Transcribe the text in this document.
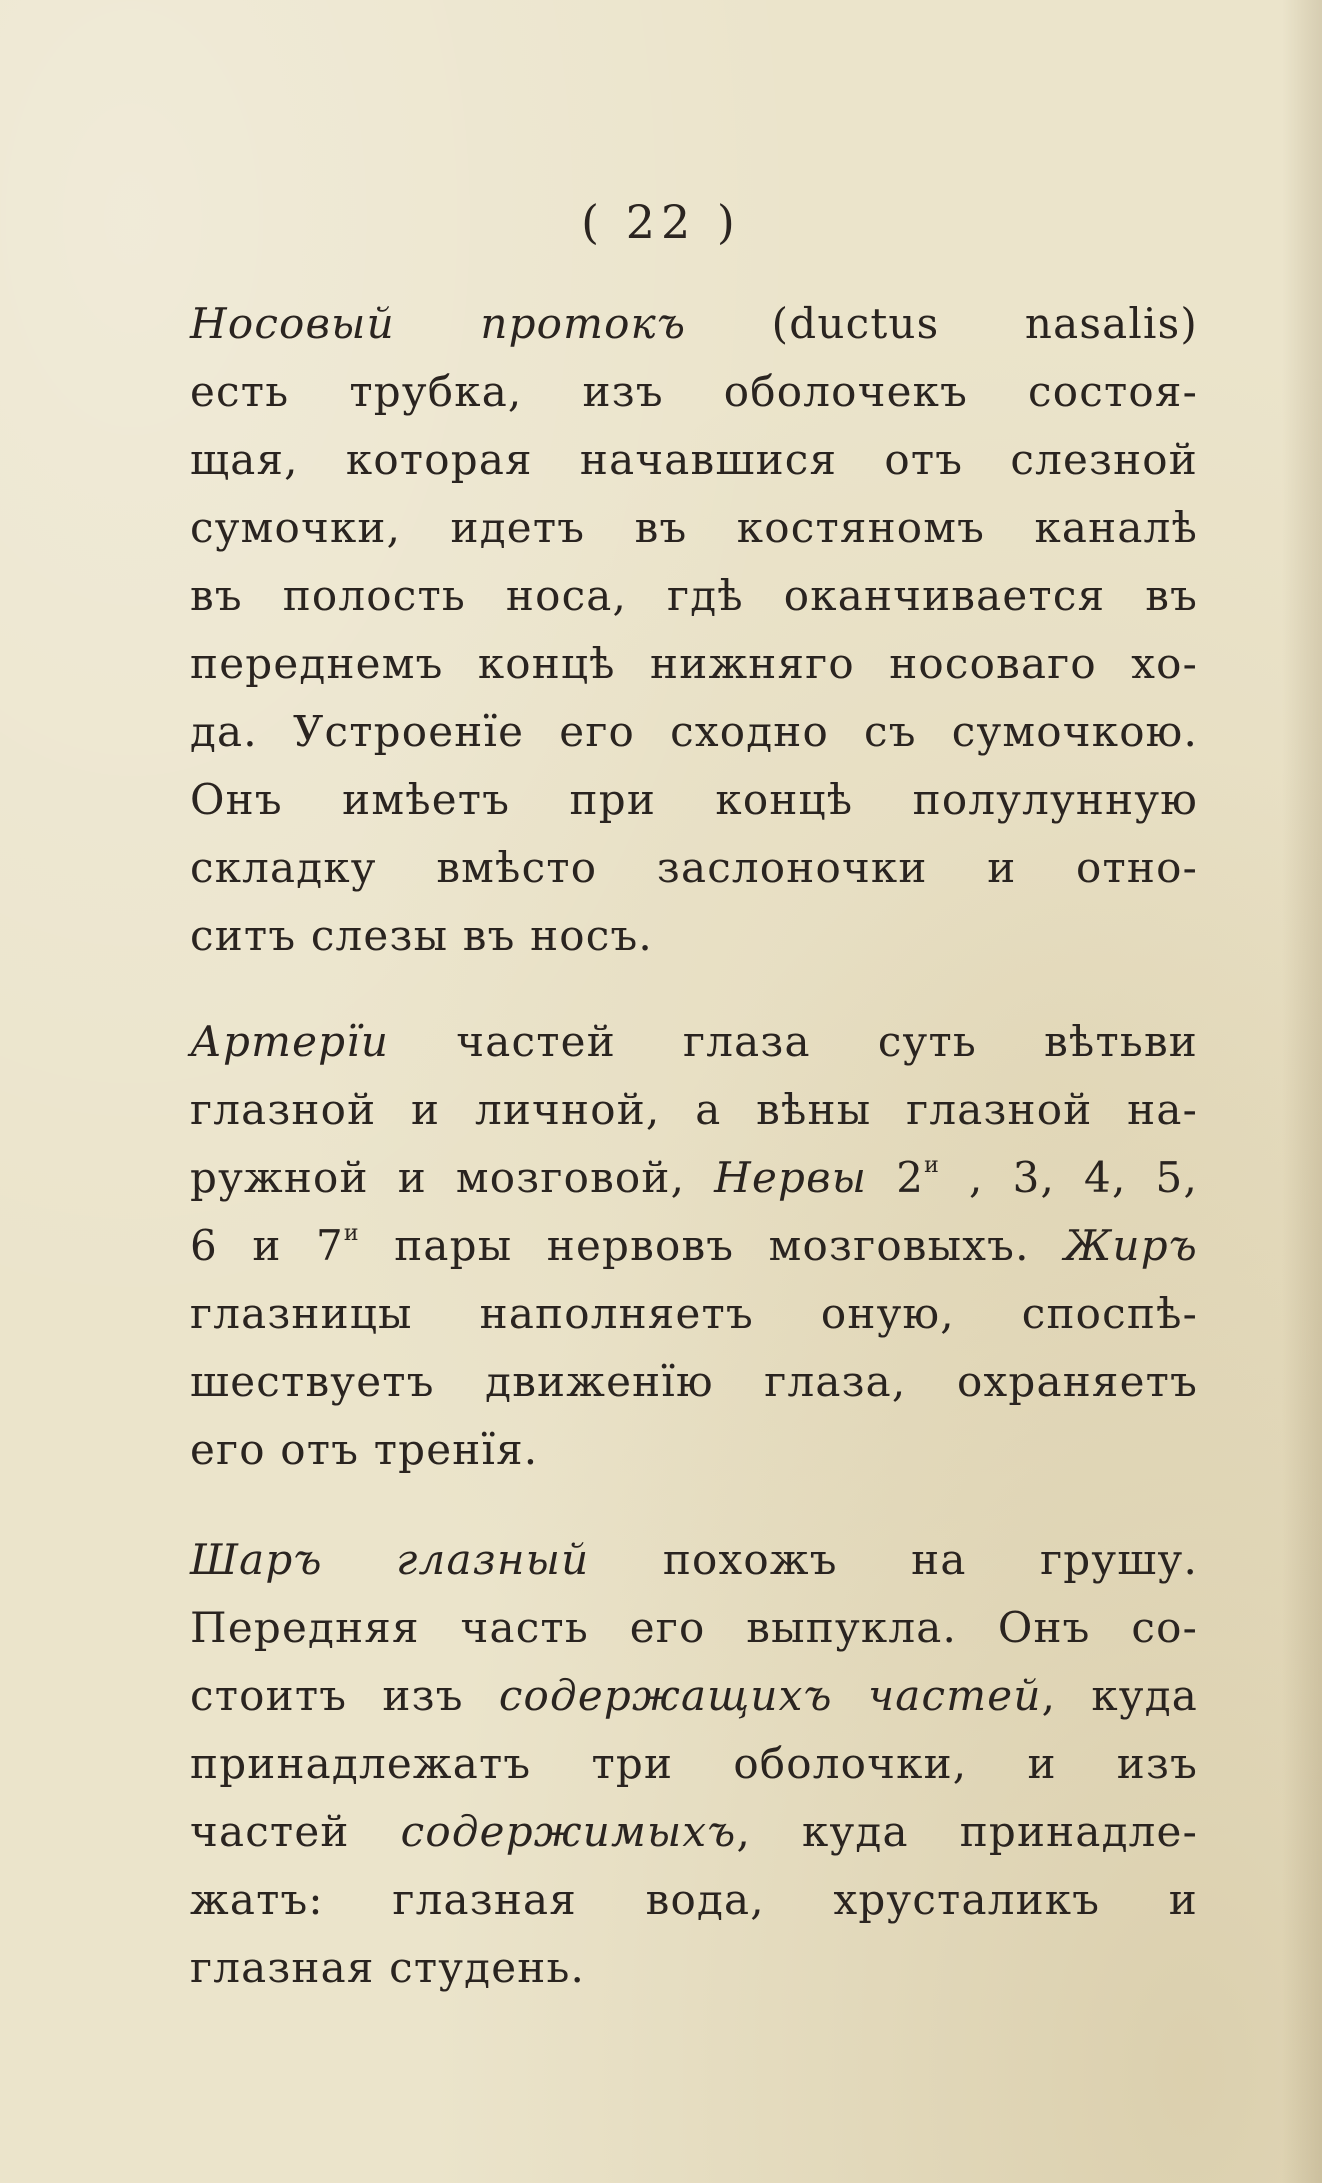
( 22 )
Носовый протокъ (ductus nasalis)
есть трубка, изъ оболочекъ состоя-
щая, которая начавшися отъ слезной
сумочки, идетъ въ костяномъ каналѣ
въ полость носа, гдѣ оканчивается въ
переднемъ концѣ нижняго носоваго хо-
да. Устроенїе его сходно съ сумочкою.
Онъ имѣетъ при концѣ полулунную
складку вмѣсто заслоночки и отно-
ситъ слезы въ носъ.
Артерїи частей глаза суть вѣтьви
глазной и личной, а вѣны глазной на-
ружной и мозговой, Нервы $2^и$ , 3, 4, 5,
6 и $7^и$ пары нервовъ мозговыхъ. Жиръ
глазницы наполняетъ оную, споспѣ-
шествуетъ движенїю глаза, охраняетъ
его отъ тренїя.
Шаръ глазный похожъ на грушу.
Передняя часть его выпукла. Онъ со-
стоитъ изъ содержащихъ частей, куда
принадлежатъ три оболочки, и изъ
частей содержимыхъ, куда принадле-
жатъ: глазная вода, хрусталикъ и
глазная студень.
